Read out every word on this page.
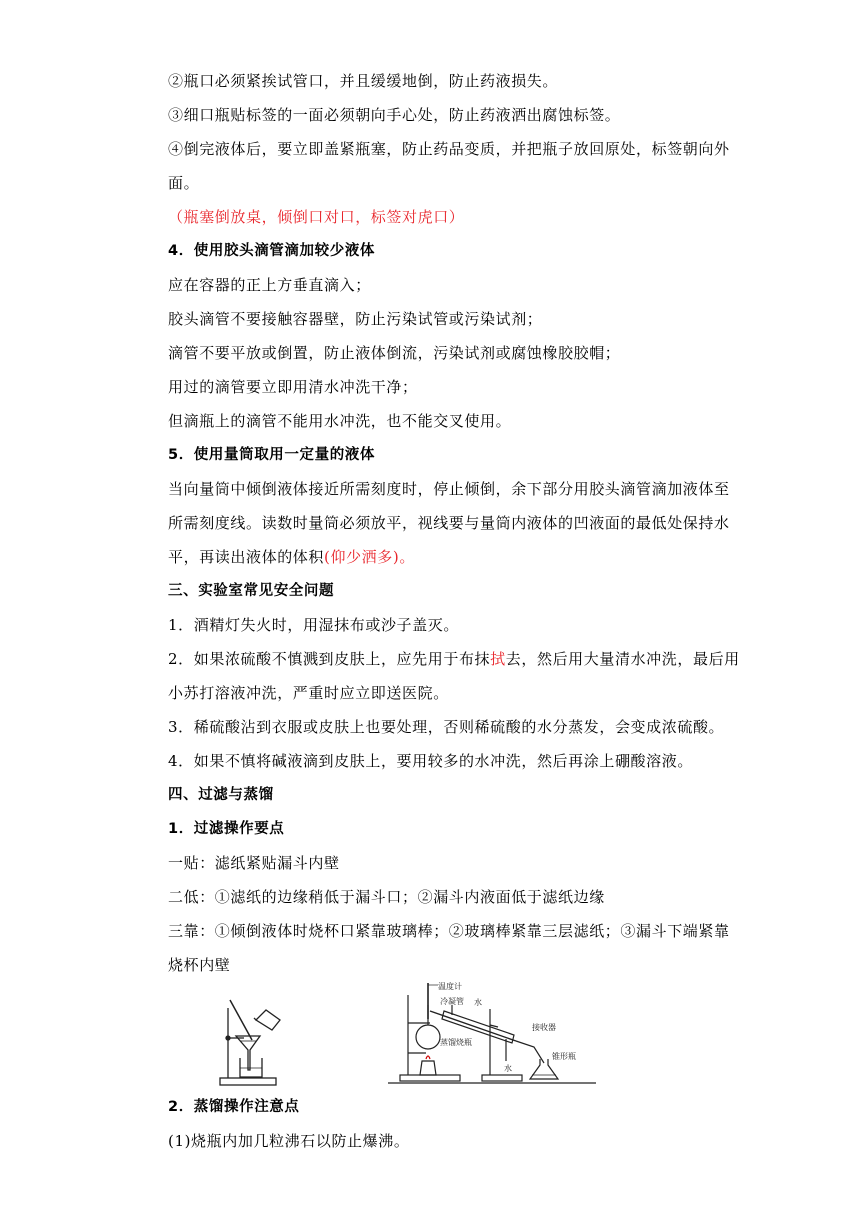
②瓶口必须紧挨试管口，并且缓缓地倒，防止药液损失。
③细口瓶贴标签的一面必须朝向手心处，防止药液洒出腐蚀标签。
④倒完液体后，要立即盖紧瓶塞，防止药品变质，并把瓶子放回原处，标签朝向外
面。
（瓶塞倒放桌，倾倒口对口，标签对虎口）
4．使用胶头滴管滴加较少液体
应在容器的正上方垂直滴入；
胶头滴管不要接触容器壁，防止污染试管或污染试剂；
滴管不要平放或倒置，防止液体倒流，污染试剂或腐蚀橡胶胶帽；
用过的滴管要立即用清水冲洗干净；
但滴瓶上的滴管不能用水冲洗，也不能交叉使用。
5．使用量筒取用一定量的液体
当向量筒中倾倒液体接近所需刻度时，停止倾倒，余下部分用胶头滴管滴加液体至
所需刻度线。读数时量筒必须放平，视线要与量筒内液体的凹液面的最低处保持水
平，再读出液体的体积(仰少洒多)。
三、实验室常见安全问题
1．酒精灯失火时，用湿抹布或沙子盖灭。
2．如果浓硫酸不慎溅到皮肤上，应先用于布抹拭去，然后用大量清水冲洗，最后用
小苏打溶液冲洗，严重时应立即送医院。
3．稀硫酸沾到衣服或皮肤上也要处理，否则稀硫酸的水分蒸发，会变成浓硫酸。
4．如果不慎将碱液滴到皮肤上，要用较多的水冲洗，然后再涂上硼酸溶液。
四、过滤与蒸馏
1．过滤操作要点
一贴：滤纸紧贴漏斗内壁
二低：①滤纸的边缘稍低于漏斗口；②漏斗内液面低于滤纸边缘
三靠：①倾倒液体时烧杯口紧靠玻璃棒；②玻璃棒紧靠三层滤纸；③漏斗下端紧靠
烧杯内壁
温度计
冷凝管 水
接收器
蒸馏烧瓶
锥形瓶
水
2．蒸馏操作注意点
(1)烧瓶内加几粒沸石以防止爆沸。
